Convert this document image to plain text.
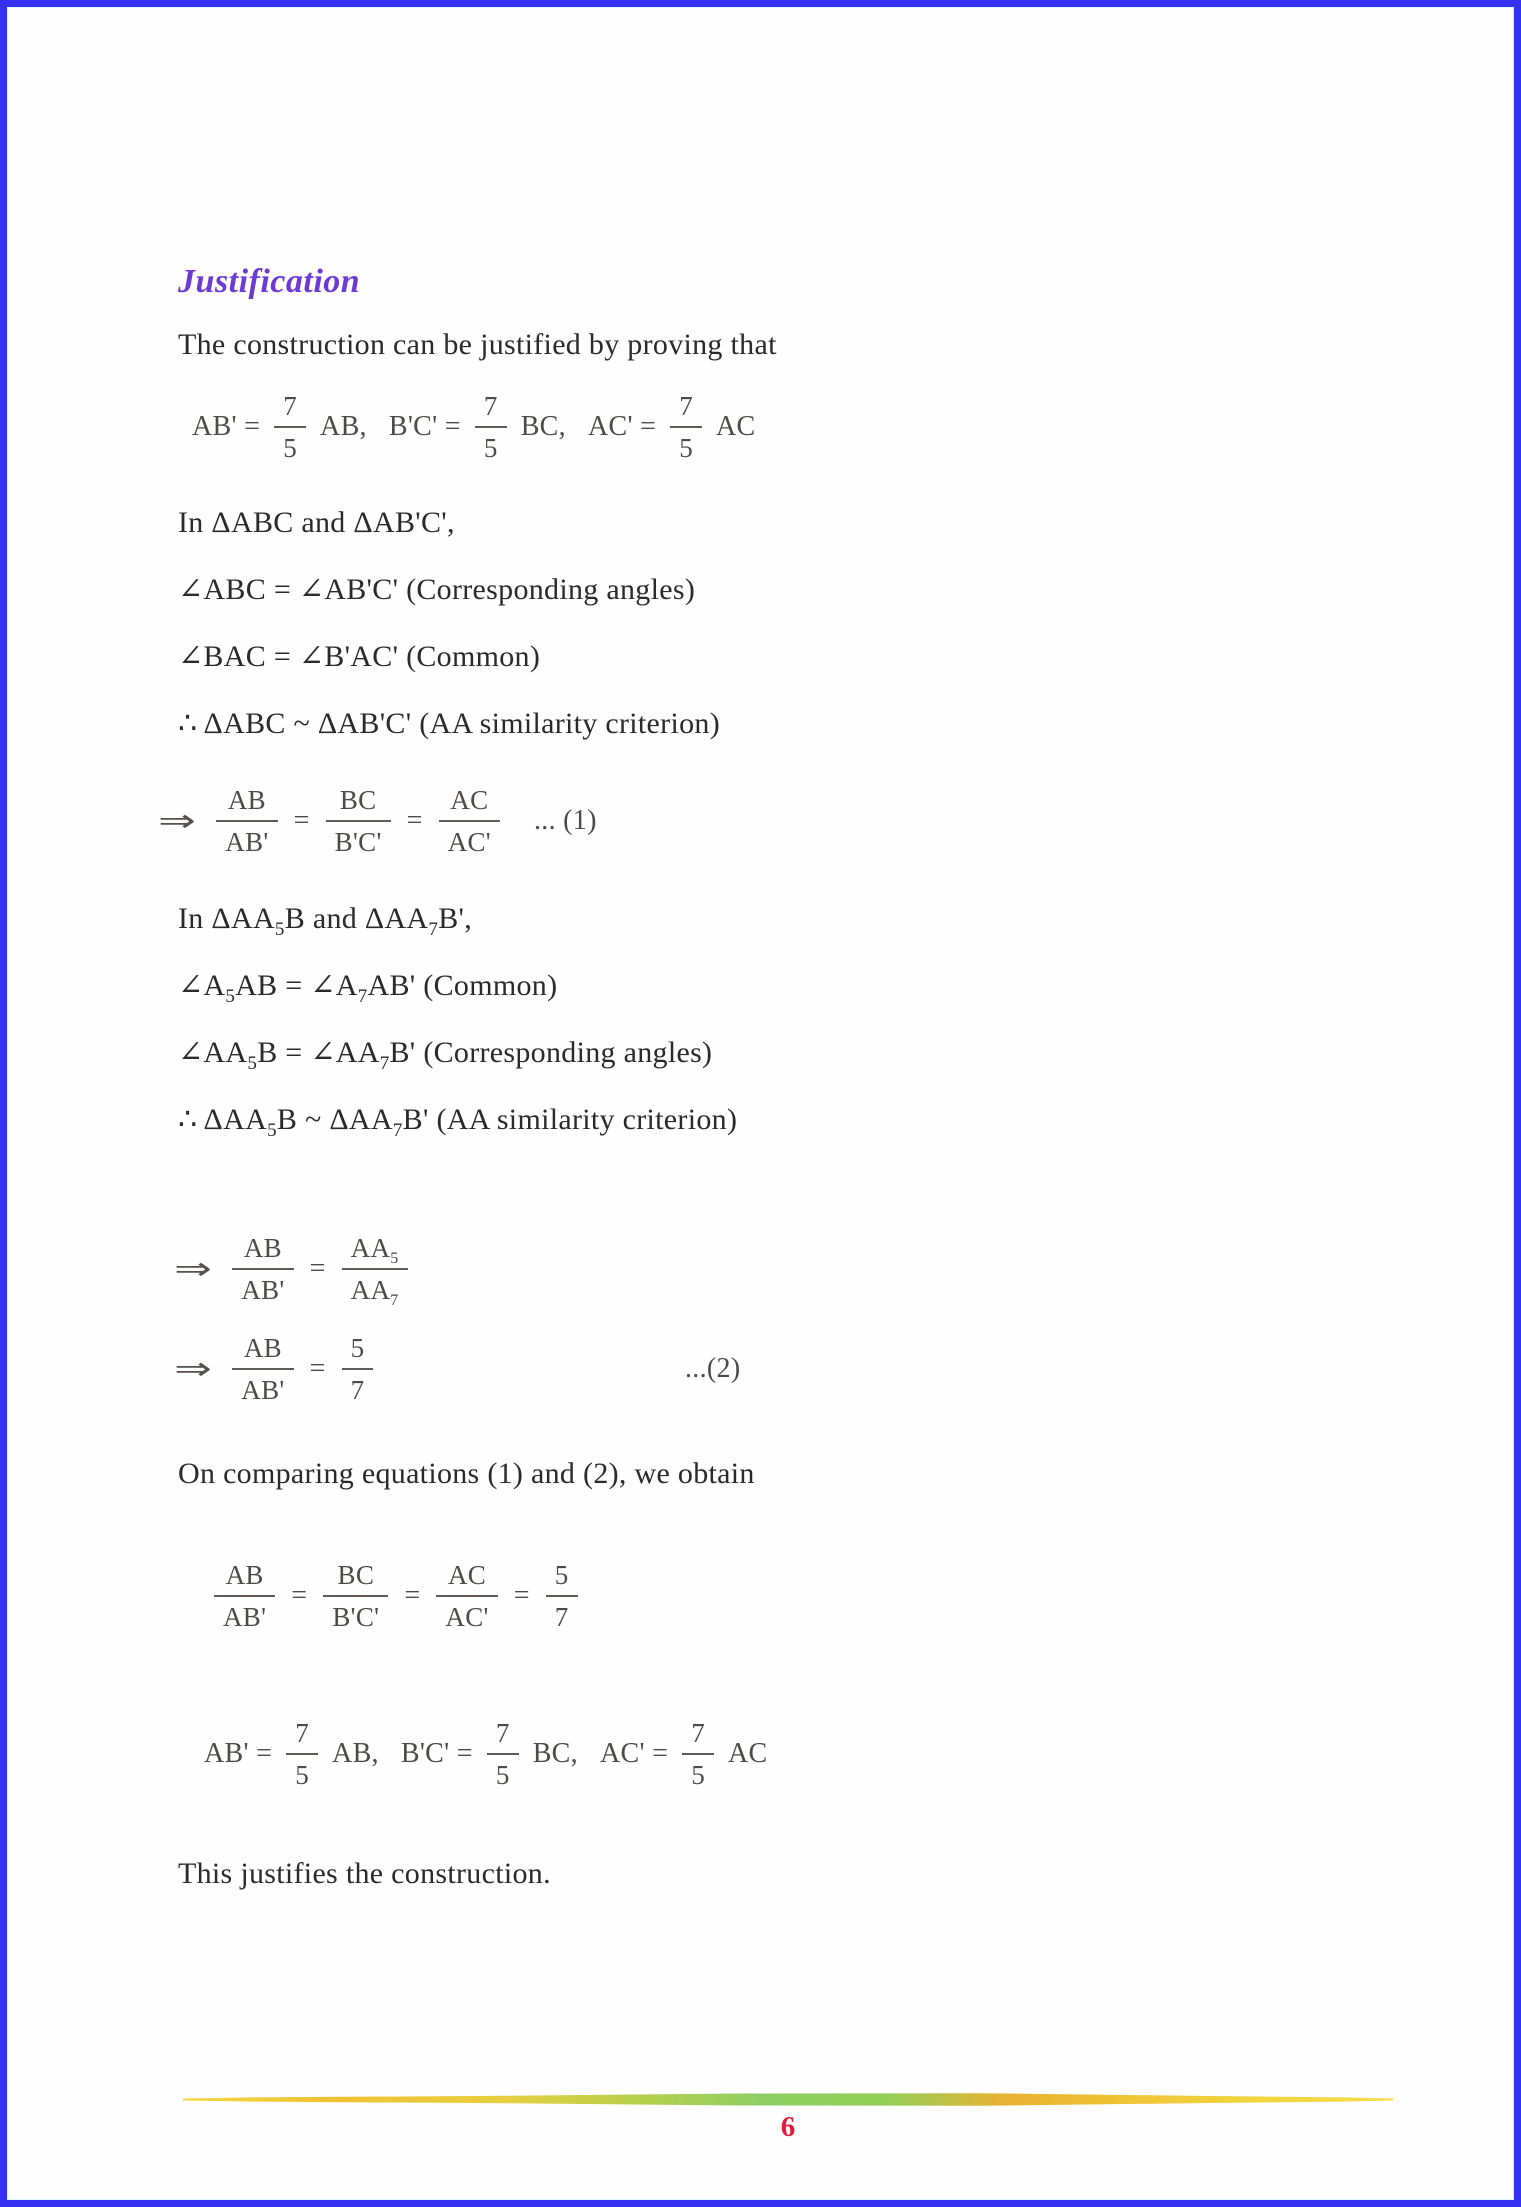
Justification

The construction can be justified by proving that

$AB' = \frac{7}{5}$ AB, $B'C' = \frac{7}{5}$ BC, $AC' = \frac{7}{5}$ AC

In ΔABC and ΔAB'C',

∠ABC = ∠AB'C' (Corresponding angles)

∠BAC = ∠B'AC' (Common)

∴ ΔABC ~ ΔAB'C' (AA similarity criterion)

⇒ $\frac{AB}{AB'} = \frac{BC}{B'C'} = \frac{AC}{AC'}$ ... (1)

In $\Delta AA_5B$ and $\Delta AA_7B'$,

$\angle A_5AB$ = $\angle A_7AB'$ (Common)

$\angle AA_5B$ = $\angle AA_7B'$ (Corresponding angles)

∴ $\Delta AA_5B$ ~ $\Delta AA_7B'$ (AA similarity criterion)

⇒ $\frac{AB}{AB'} = \frac{AA_5}{AA_7}$
⇒ $\frac{AB}{AB'} = \frac{5}{7}$	...(2)

On comparing equations (1) and (2), we obtain

$\frac{AB}{AB'} = \frac{BC}{B'C'} = \frac{AC}{AC'} = \frac{5}{7}$
$AB' = \frac{7}{5}$ AB, $B'C' = \frac{7}{5}$ BC, $AC' = \frac{7}{5}$ AC

This justifies the construction.

6
